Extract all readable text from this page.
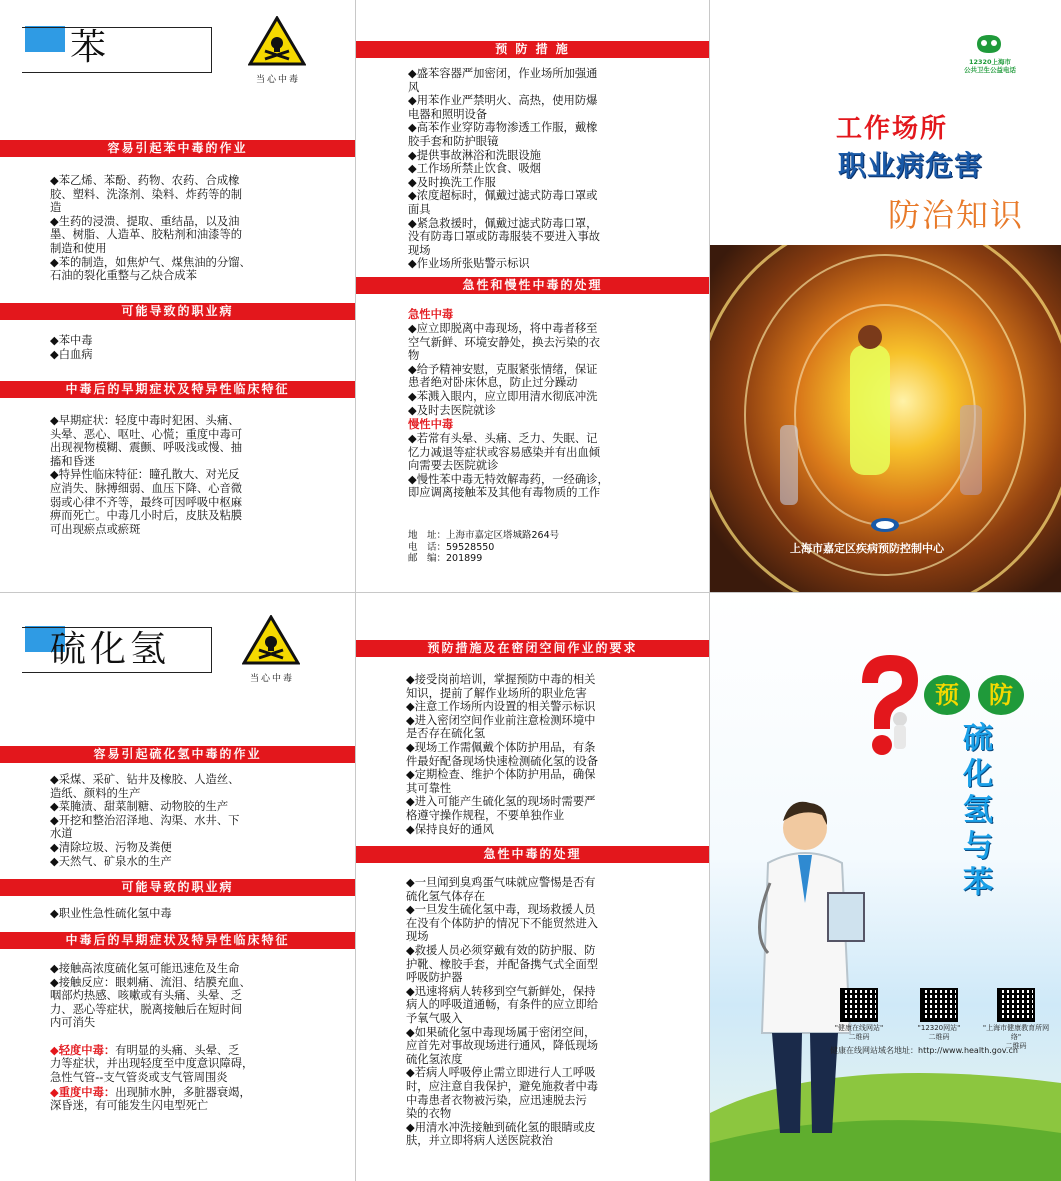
苯
当心中毒
容易引起苯中毒的作业
◆苯乙烯、苯酚、药物、农药、合成橡
胶、塑料、洗涤剂、染料、炸药等的制
造
◆生药的浸溃、提取、重结晶，以及油
墨、树脂、人造革、胶粘剂和油漆等的
制造和使用
◆苯的制造，如焦炉气、煤焦油的分馏、
石油的裂化重整与乙炔合成苯
可能导致的职业病
◆苯中毒
◆白血病
中毒后的早期症状及特异性临床特征
◆早期症状：轻度中毒时犯困、头痛、
头晕、恶心、呕吐、心慌；重度中毒可
出现视物模糊、震颤、呼吸浅或慢、抽
搐和昏迷
◆特异性临床特征：瞳孔散大、对光反
应消失、脉搏细弱、血压下降、心音微
弱或心律不齐等，最终可因呼吸中枢麻
痹而死亡。中毒几小时后，皮肤及粘膜
可出现瘀点或瘀斑
预 防 措 施
◆盛苯容器严加密闭，作业场所加强通
风
◆用苯作业严禁明火、高热，使用防爆
电器和照明设备
◆高苯作业穿防毒物渗透工作服，戴橡
胶手套和防护眼镜
◆提供事故淋浴和洗眼设施
◆工作场所禁止饮食、吸烟
◆及时换洗工作服
◆浓度超标时，佩戴过滤式防毒口罩或
面具
◆紧急救援时，佩戴过滤式防毒口罩，
没有防毒口罩或防毒服装不要进入事故
现场
◆作业场所张贴警示标识
急性和慢性中毒的处理
急性中毒
◆应立即脱离中毒现场，将中毒者移至
空气新鲜、环境安静处，换去污染的衣
物
◆给予精神安慰，克服紧张情绪，保证
患者绝对卧床休息，防止过分躁动
◆苯溅入眼内，应立即用清水彻底冲洗
◆及时去医院就诊
慢性中毒
◆若常有头晕、头痛、乏力、失眠、记
忆力减退等症状或容易感染并有出血倾
向需要去医院就诊
◆慢性苯中毒无特效解毒药，一经确诊，
即应调离接触苯及其他有毒物质的工作
地　址：上海市嘉定区塔城路264号
电　话：59528550
邮　编：201899
12320上海市
公共卫生公益电话
工作场所
职业病危害
防治知识
上海市嘉定区疾病预防控制中心
硫化氢
当心中毒
容易引起硫化氢中毒的作业
◆采煤、采矿、钻井及橡胶、人造丝、
造纸、颜料的生产
◆菜腌渍、甜菜制糖、动物胶的生产
◆开挖和整治沼泽地、沟渠、水井、下
水道
◆清除垃圾、污物及粪便
◆天然气、矿泉水的生产
可能导致的职业病
◆职业性急性硫化氢中毒
中毒后的早期症状及特异性临床特征
◆接触高浓度硫化氢可能迅速危及生命
◆接触反应：眼刺痛、流泪、结膜充血、
咽部灼热感、咳嗽或有头痛、头晕、乏
力、恶心等症状，脱离接触后在短时间
内可消失

◆轻度中毒：有明显的头痛、头晕、乏
力等症状，并出现轻度至中度意识障碍，
急性气管--支气管炎或支气管周围炎

◆重度中毒：出现肺水肿，多脏器衰竭，
深昏迷，有可能发生闪电型死亡

预防措施及在密闭空间作业的要求
◆接受岗前培训，掌握预防中毒的相关
知识，提前了解作业场所的职业危害
◆注意工作场所内设置的相关警示标识
◆进入密闭空间作业前注意检测环境中
是否存在硫化氢
◆现场工作需佩戴个体防护用品，有条
件最好配备现场快速检测硫化氢的设备
◆定期检查、维护个体防护用品，确保
其可靠性
◆进入可能产生硫化氢的现场时需要严
格遵守操作规程，不要单独作业
◆保持良好的通风
急性中毒的处理
◆一旦闻到臭鸡蛋气味就应警惕是否有
硫化氢气体存在
◆一旦发生硫化氢中毒，现场救援人员
在没有个体防护的情况下不能贸然进入
现场
◆救援人员必须穿戴有效的防护服、防
护靴、橡胶手套，并配备携气式全面型
呼吸防护器
◆迅速将病人转移到空气新鲜处，保持
病人的呼吸道通畅，有条件的应立即给
予氧气吸入
◆如果硫化氢中毒现场属于密闭空间，
应首先对事故现场进行通风，降低现场
硫化氢浓度
◆若病人呼吸停止需立即进行人工呼吸
时，应注意自我保护，避免施救者中毒
中毒患者衣物被污染，应迅速脱去污
染的衣物
◆用清水冲洗接触到硫化氢的眼睛或皮
肤，并立即将病人送医院救治
预	防
硫
化
氢
与
苯
"健康在线网站"
二维码
"12320网站"
二维码
"上海市健康教育所网络"
二维码
健康在线网站域名地址：http://www.health.gov.cn
